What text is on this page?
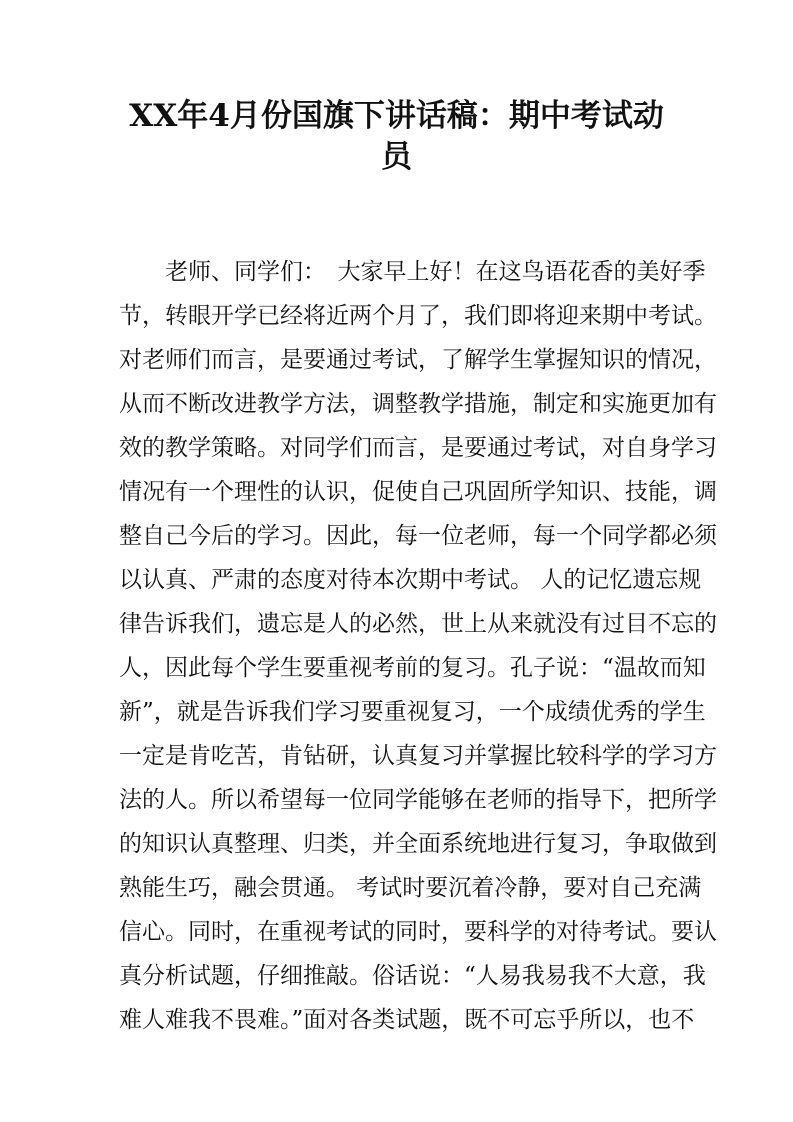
XX年4月份国旗下讲话稿：期中考试动
员
老师、同学们：　大家早上好！在这鸟语花香的美好季
节，转眼开学已经将近两个月了，我们即将迎来期中考试。
对老师们而言，是要通过考试，了解学生掌握知识的情况，
从而不断改进教学方法，调整教学措施，制定和实施更加有
效的教学策略。对同学们而言，是要通过考试，对自身学习
情况有一个理性的认识，促使自己巩固所学知识、技能，调
整自己今后的学习。因此，每一位老师，每一个同学都必须
以认真、严肃的态度对待本次期中考试。 人的记忆遗忘规
律告诉我们，遗忘是人的必然，世上从来就没有过目不忘的
人，因此每个学生要重视考前的复习。孔子说：“温故而知
新”，就是告诉我们学习要重视复习，一个成绩优秀的学生
一定是肯吃苦，肯钻研，认真复习并掌握比较科学的学习方
法的人。所以希望每一位同学能够在老师的指导下，把所学
的知识认真整理、归类，并全面系统地进行复习，争取做到
熟能生巧，融会贯通。 考试时要沉着冷静，要对自己充满
信心。同时，在重视考试的同时，要科学的对待考试。要认
真分析试题，仔细推敲。俗话说：“人易我易我不大意，我
难人难我不畏难。”面对各类试题，既不可忘乎所以，也不
